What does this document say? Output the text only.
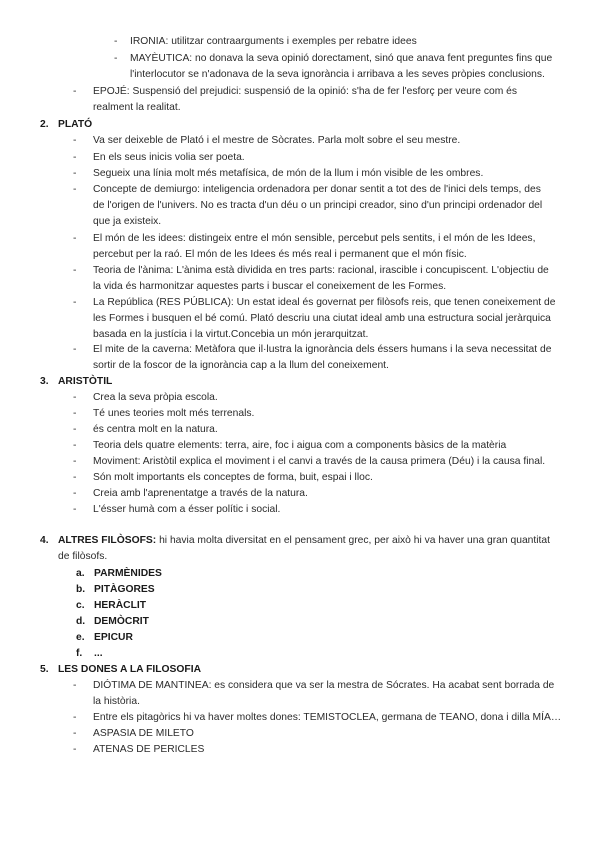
- IRONIA: utilitzar contraarguments i exemples per rebatre idees
- MAYÈUTICA: no donava la seva opinió dorectament, sinó que anava fent preguntes fins que
l'interlocutor se n'adonava de la seva ignorància i arribava a les seves pròpies conclusions.
- EPOJÉ: Suspensió del prejudici: suspensió de la opinió: s'ha de fer l'esforç per veure com és
realment la realitat.
2. PLATÓ
- Va ser deixeble de Plató i el mestre de Sòcrates. Parla molt sobre el seu mestre.
- En els seus inicis volia ser poeta.
- Segueix una línia molt més metafísica, de món de la llum i món visible de les ombres.
- Concepte de demiurgo: inteligencia ordenadora per donar sentit a tot des de l'inici dels temps, des
de l'origen de l'univers. No es tracta d'un déu o un principi creador, sino d'un principi ordenador del
que ja existeix.
- El món de les idees: distingeix entre el món sensible, percebut pels sentits, i el món de les Idees,
percebut per la raó. El món de les Idees és més real i permanent que el món físic.
- Teoria de l'ànima: L'ànima està dividida en tres parts: racional, irascible i concupiscent. L'objectiu de
la vida és harmonitzar aquestes parts i buscar el coneixement de les Formes.
- La República (RES PÚBLICA): Un estat ideal és governat per filòsofs reis, que tenen coneixement de
les Formes i busquen el bé comú. Plató descriu una ciutat ideal amb una estructura social jeràrquica
basada en la justícia i la virtut.Concebia un món jerarquitzat.
- El mite de la caverna: Metàfora que il·lustra la ignorància dels éssers humans i la seva necessitat de
sortir de la foscor de la ignorància cap a la llum del coneixement.
3. ARISTÒTIL
- Crea la seva pròpia escola.
- Té unes teories molt més terrenals.
- és centra molt en la natura.
- Teoria dels quatre elements: terra, aire, foc i aigua com a components bàsics de la matèria
- Moviment: Aristòtil explica el moviment i el canvi a través de la causa primera (Déu) i la causa final.
- Són molt importants els conceptes de forma, buit, espai i lloc.
- Creia amb l'aprenentatge a través de la natura.
- L'ésser humà com a ésser polític i social.
4. ALTRES FILÒSOFS: hi havia molta diversitat en el pensament grec, per això hi va haver una gran quantitat
de filòsofs.
a. PARMÈNIDES
b. PITÀGORES
c. HERÀCLIT
d. DEMÒCRIT
e. EPICUR
f. ...
5. LES DONES A LA FILOSOFIA
- DIÓTIMA DE MANTINEA: es considera que va ser la mestra de Sócrates. Ha acabat sent borrada de
la història.
- Entre els pitagòrics hi va haver moltes dones: TEMISTOCLEA, germana de TEANO, dona i dilla MÍA…
- ASPASIA DE MILETO
- ATENAS DE PERICLES
